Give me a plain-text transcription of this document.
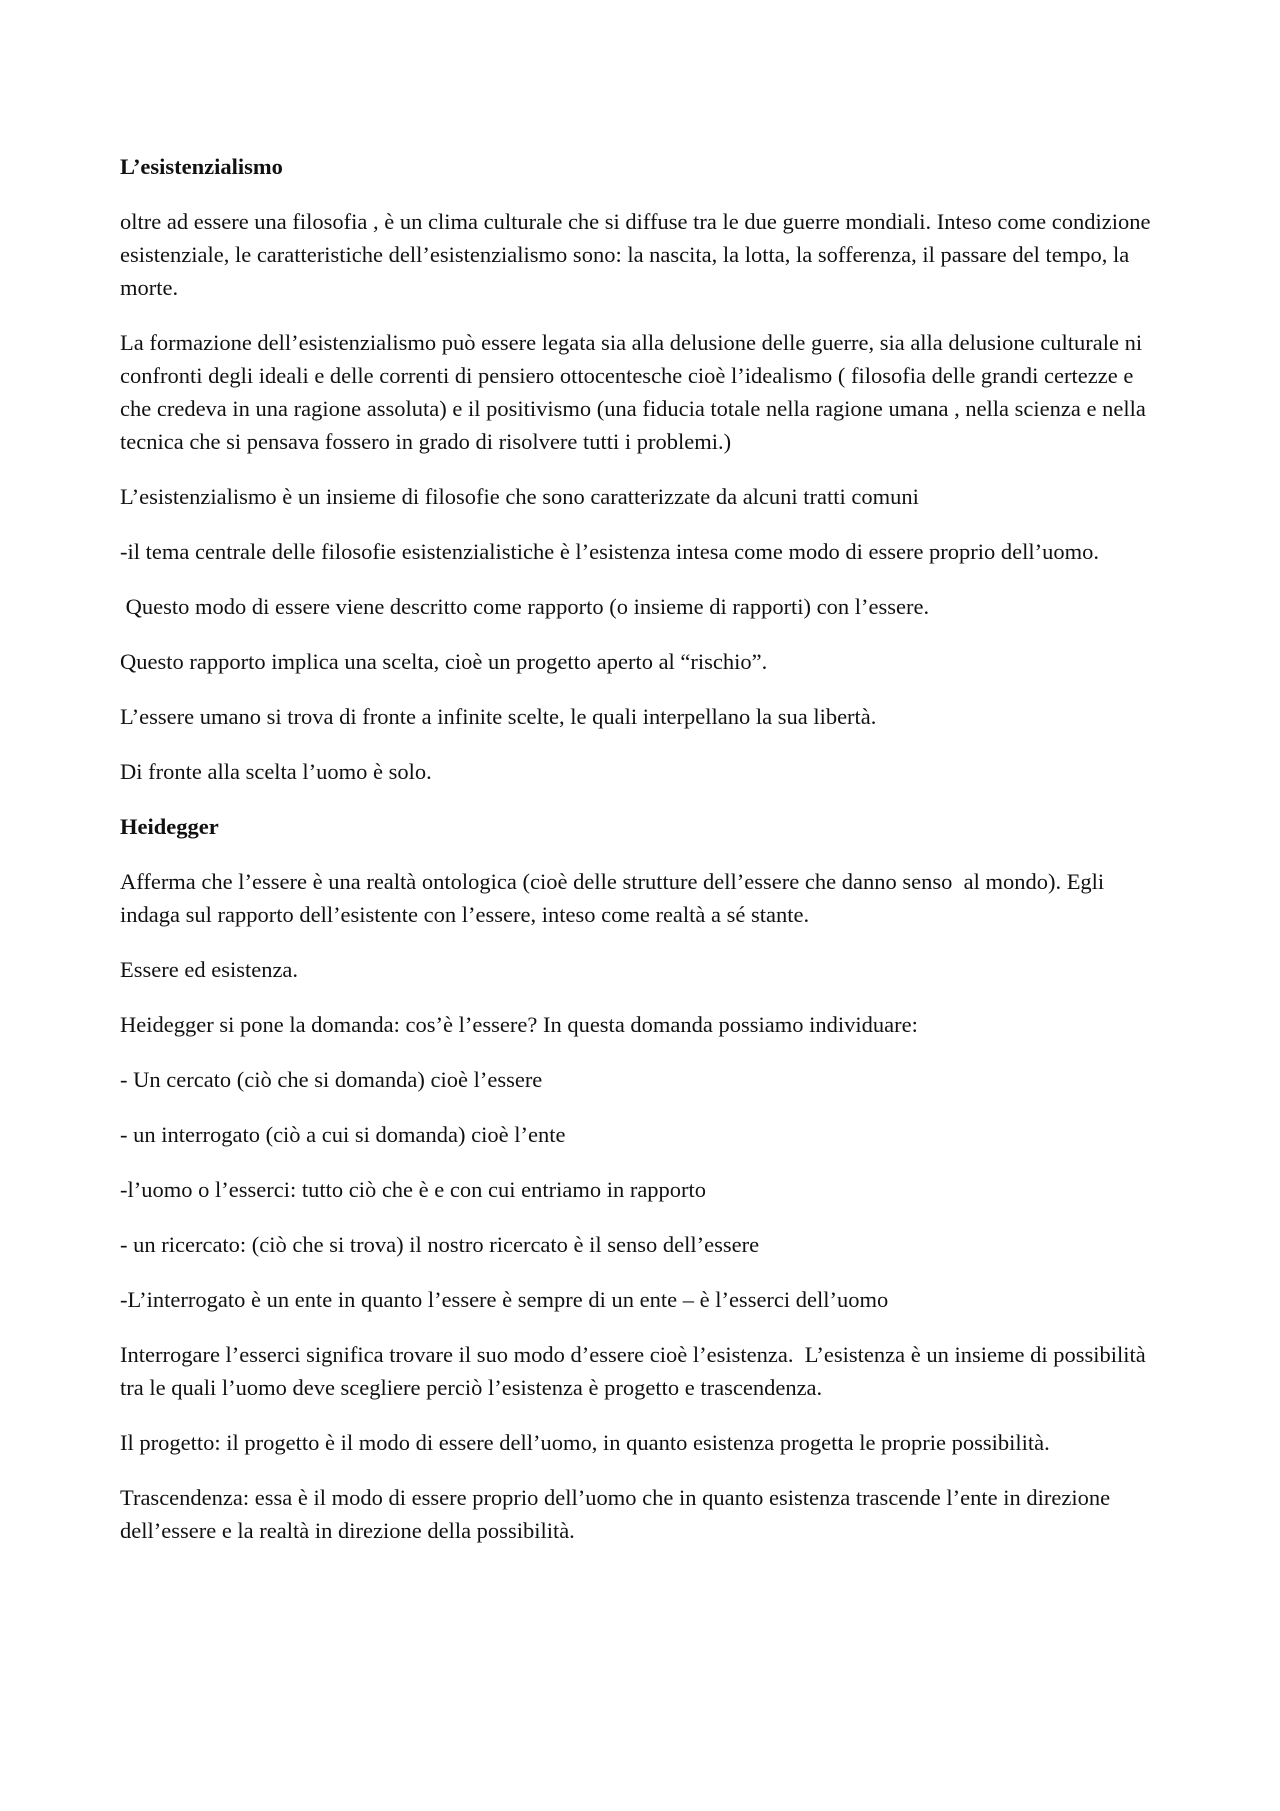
L’esistenzialismo

oltre ad essere una filosofia , è un clima culturale che si diffuse tra le due guerre mondiali. Inteso come condizione esistenziale, le caratteristiche dell’esistenzialismo sono: la nascita, la lotta, la sofferenza, il passare del tempo, la morte.

La formazione dell’esistenzialismo può essere legata sia alla delusione delle guerre, sia alla delusione culturale ni confronti degli ideali e delle correnti di pensiero ottocentesche cioè l’idealismo ( filosofia delle grandi certezze e che credeva in una ragione assoluta) e il positivismo (una fiducia totale nella ragione umana , nella scienza e nella tecnica che si pensava fossero in grado di risolvere tutti i problemi.)

L’esistenzialismo è un insieme di filosofie che sono caratterizzate da alcuni tratti comuni

-il tema centrale delle filosofie esistenzialistiche è l’esistenza intesa come modo di essere proprio dell’uomo.

Questo modo di essere viene descritto come rapporto (o insieme di rapporti) con l’essere.

Questo rapporto implica una scelta, cioè un progetto aperto al “rischio”.

L’essere umano si trova di fronte a infinite scelte, le quali interpellano la sua libertà.

Di fronte alla scelta l’uomo è solo.

Heidegger

Afferma che l’essere è una realtà ontologica (cioè delle strutture dell’essere che danno senso  al mondo). Egli indaga sul rapporto dell’esistente con l’essere, inteso come realtà a sé stante.

Essere ed esistenza.

Heidegger si pone la domanda: cos’è l’essere? In questa domanda possiamo individuare:

- Un cercato (ciò che si domanda) cioè l’essere

- un interrogato (ciò a cui si domanda) cioè l’ente

-l’uomo o l’esserci: tutto ciò che è e con cui entriamo in rapporto

- un ricercato: (ciò che si trova) il nostro ricercato è il senso dell’essere

-L’interrogato è un ente in quanto l’essere è sempre di un ente – è l’esserci dell’uomo

Interrogare l’esserci significa trovare il suo modo d’essere cioè l’esistenza.  L’esistenza è un insieme di possibilità tra le quali l’uomo deve scegliere perciò l’esistenza è progetto e trascendenza.

Il progetto: il progetto è il modo di essere dell’uomo, in quanto esistenza progetta le proprie possibilità.

Trascendenza: essa è il modo di essere proprio dell’uomo che in quanto esistenza trascende l’ente in direzione dell’essere e la realtà in direzione della possibilità.
